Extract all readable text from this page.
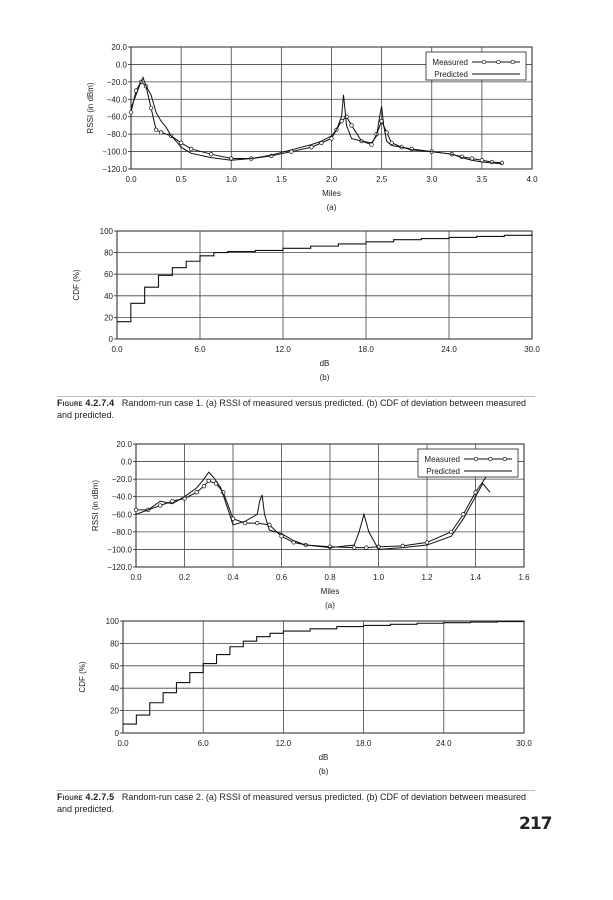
0.0	0.5	1.0	1.5	2.0	2.5	3.0	3.5	4.0
20.0
0.0
−20.0
−40.0
−60.0
−80.0
−100.0
−120.0
Miles
(a)
RSSI (in dBm)
Measured
Predicted
0.0	6.0	12.0	18.0	24.0	30.0
100
80
60
40
20
0
dB
(b)
CDF (%)
0.0	0.2	0.4	0.6	0.8	1.0	1.2	1.4	1.6
20.0
0.0
−20.0
−40.0
−60.0
−80.0
−100.0
−120.0
Miles
(a)
RSSI (in dBm)
Measured
Predicted
0.0	6.0	12.0	18.0	24.0	30.0
100
80
60
40
20
0
dB
(b)
CDF (%)
Figure 4.2.7.4 Random-run case 1. (a) RSSI of measured versus predicted. (b) CDF of deviation between measured and predicted.
Figure 4.2.7.5 Random-run case 2. (a) RSSI of measured versus predicted. (b) CDF of deviation between measured and predicted.
217
